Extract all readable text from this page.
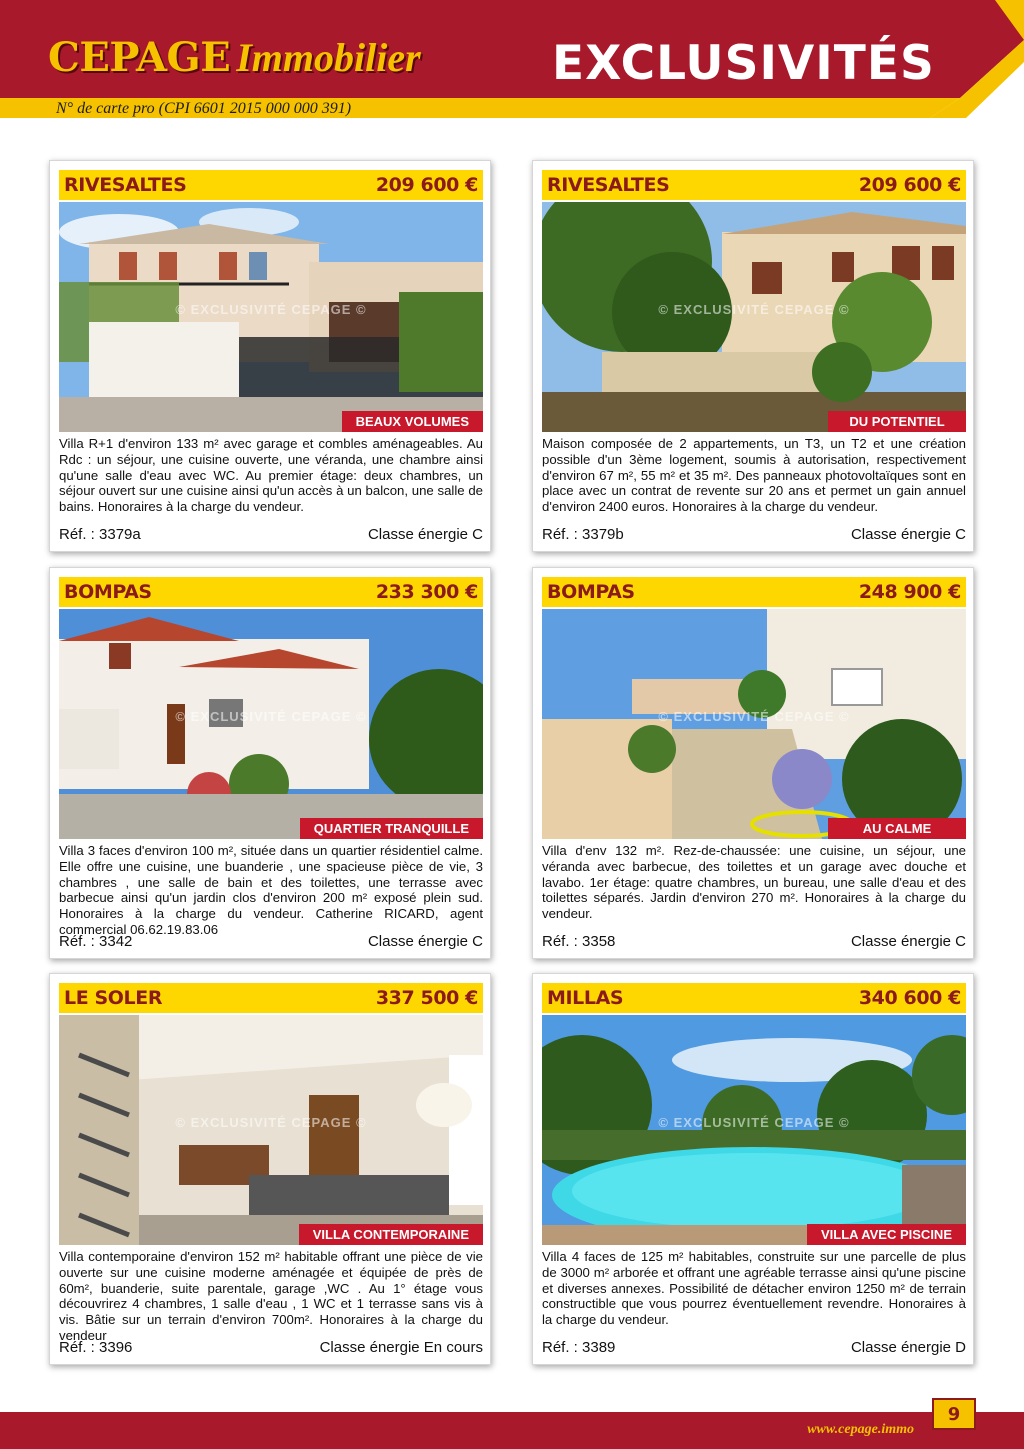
CEPAGE Immobilier	EXCLUSIVITÉS
N° de carte pro (CPI 6601 2015 000 000 391)
RIVESALTES	209 600 €
© EXCLUSIVITÉ CEPAGE ©
BEAUX VOLUMES
Villa R+1 d'environ 133 m² avec garage et combles aménageables. Au Rdc : un séjour, une cuisine ouverte, une véranda, une chambre ainsi qu'une salle d'eau avec WC. Au premier étage: deux chambres, un séjour ouvert sur une cuisine ainsi qu'un accès à un balcon, une salle de bains. Honoraires à la charge du vendeur.
Réf. : 3379a	Classe énergie C
RIVESALTES	209 600 €
© EXCLUSIVITÉ CEPAGE ©
DU POTENTIEL
Maison composée de 2 appartements, un T3, un T2 et une création possible d'un 3ème logement, soumis à autorisation, respectivement d'environ 67 m², 55 m² et 35 m². Des panneaux photovoltaïques sont en place avec un contrat de revente sur 20 ans et permet un gain annuel d'environ 2400 euros. Honoraires à la charge du vendeur.
Réf. : 3379b	Classe énergie C
BOMPAS	233 300 €
© EXCLUSIVITÉ CEPAGE ©
QUARTIER TRANQUILLE
Villa 3 faces d'environ 100 m², située dans un quartier résidentiel calme. Elle offre une cuisine, une buanderie , une spacieuse pièce de vie, 3 chambres , une salle de bain et des toilettes, une terrasse avec barbecue ainsi qu'un jardin clos d'environ 200 m² exposé plein sud. Honoraires à la charge du vendeur. Catherine RICARD, agent commercial 06.62.19.83.06
Réf. : 3342	Classe énergie C
BOMPAS	248 900 €
© EXCLUSIVITÉ CEPAGE ©
AU CALME
Villa d'env 132 m². Rez-de-chaussée: une cuisine, un séjour, une véranda avec barbecue, des toilettes et un garage avec douche et lavabo. 1er étage: quatre chambres, un bureau, une salle d'eau et des toilettes séparés. Jardin d'environ 270 m². Honoraires à la charge du vendeur.
Réf. : 3358	Classe énergie C
LE SOLER	337 500 €
© EXCLUSIVITÉ CEPAGE ©
VILLA CONTEMPORAINE
Villa contemporaine d'environ 152 m² habitable offrant une pièce de vie ouverte sur une cuisine moderne aménagée et équipée de près de 60m², buanderie, suite parentale, garage ,WC . Au 1° étage vous découvrirez 4 chambres, 1 salle d'eau , 1 WC et 1 terrasse sans vis à vis. Bâtie sur un terrain d'environ 700m². Honoraires à la charge du vendeur
Réf. : 3396	Classe énergie En cours
MILLAS	340 600 €
© EXCLUSIVITÉ CEPAGE ©
VILLA AVEC PISCINE
Villa 4 faces de 125 m² habitables, construite sur une parcelle de plus de 3000 m² arborée et offrant une agréable terrasse ainsi qu'une piscine et diverses annexes. Possibilité de détacher environ 1250 m² de terrain constructible que vous pourrez éventuellement revendre. Honoraires à la charge du vendeur.
Réf. : 3389	Classe énergie D
www.cepage.immo
9
